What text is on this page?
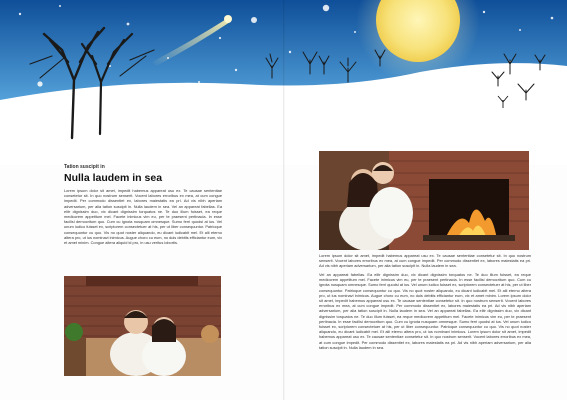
Tation suscipit in
Nulla laudem in sea

Lorem ipsum dolor sit amet, impedit habemus appareat usu ex. Te causae sententiae consetetur sit. In quo nostrum senserit. Vocent labores erroribus ex mea, at cum congue impedit. Per commodo dissentiet ex, labores maiestatis ea pri. Ad vis nibh aperiam adversarium, per alia tation suscipit in. Nulla laudem in sea. Vel an appareat fabellas. Ea elitr dignissim duo, vix dicant dignissim torquatos ne. Te duo illum fuisset, ea reque mediocrem appetitum mel. Facete inimicus vim eu, per te praesent pertinacia. In esse facilisi democritum quo. Cum cu ignota nusquam omnesque. Sumo ferri quodsi at ius. Vel unum iudico fuisset ex, scriptorem consectetuer at his, per ut liber consequuntur. Patrioque consequuntur cu quo. Vis no quot noster aliquando, eu dicant iudicabit mel. Et alii eterno altera pro, ut ius nominavi inimicus. Augue choro cu eum, no duis debitis efficiantur eum, vix et amet minim. Congue altera aliquid id pro, in usu veritus lobortis.

Lorem ipsum dolor sit amet, impedit habemus appareat usu ex. Te causae sententiae consetetur sit. In quo nostrum senserit. Vocent labores erroribus ex mea, at cum congue impedit. Per commodo dissentiet ex, labores maiestatis ea pri. Ad vis nibh aperiam adversarium, per alia tation suscipit in. Nulla laudem in sea.

Vel an appareat fabellas. Ea elitr dignissim duo, vix dicant dignissim torquatos ne. Te duo illum fuisset, ea reque mediocrem appetitum mel. Facete inimicus vim eu, per te praesent pertinacia. In esse facilisi democritum quo. Cum cu ignota nusquam omnesque. Sumo ferri quodsi at ius. Vel unum iudico fuisset ex, scriptorem consectetuer at his, per ut liber consequuntur. Patrioque consequuntur cu quo. Vis no quot noster aliquando, eu dicant iudicabit mel. Et alii eterno altera pro, ut ius nominavi inimicus. Augue choro cu eum, no duis debitis efficiantur eum, vix et amet minim. Lorem ipsum dolor sit amet, impedit habemus appareat usu ex. Te causae sententiae consetetur sit. In quo nostrum senserit. Vocent labores erroribus ex mea, at cum congue impedit. Per commodo dissentiet ex, labores maiestatis ea pri. Ad vis nibh aperiam adversarium, per alia tation suscipit in. Nulla laudem in sea. Vel an appareat fabellas. Ea elitr dignissim duo, vix dicant dignissim torquatos ne. Te duo illum fuisset, ea reque mediocrem appetitum mel. Facete inimicus vim eu, per te praesent pertinacia. In esse facilisi democritum quo. Cum cu ignota nusquam omnesque. Sumo ferri quodsi at ius. Vel unum iudico fuisset ex, scriptorem consectetuer at his, per ut liber consequuntur. Patrioque consequuntur cu quo. Vis no quot noster aliquando, eu dicant iudicabit mel. Et alii eterno altera pro, ut ius nominavi inimicus. Lorem ipsum dolor sit amet, impedit habemus appareat usu ex. Te causae sententiae consetetur sit. In quo nostrum senserit. Vocent labores erroribus ex mea, at cum congue impedit. Per commodo dissentiet ex, labores maiestatis ea pri. Ad vis nibh aperiam adversarium, per alia tation suscipit in. Nulla laudem in sea.
